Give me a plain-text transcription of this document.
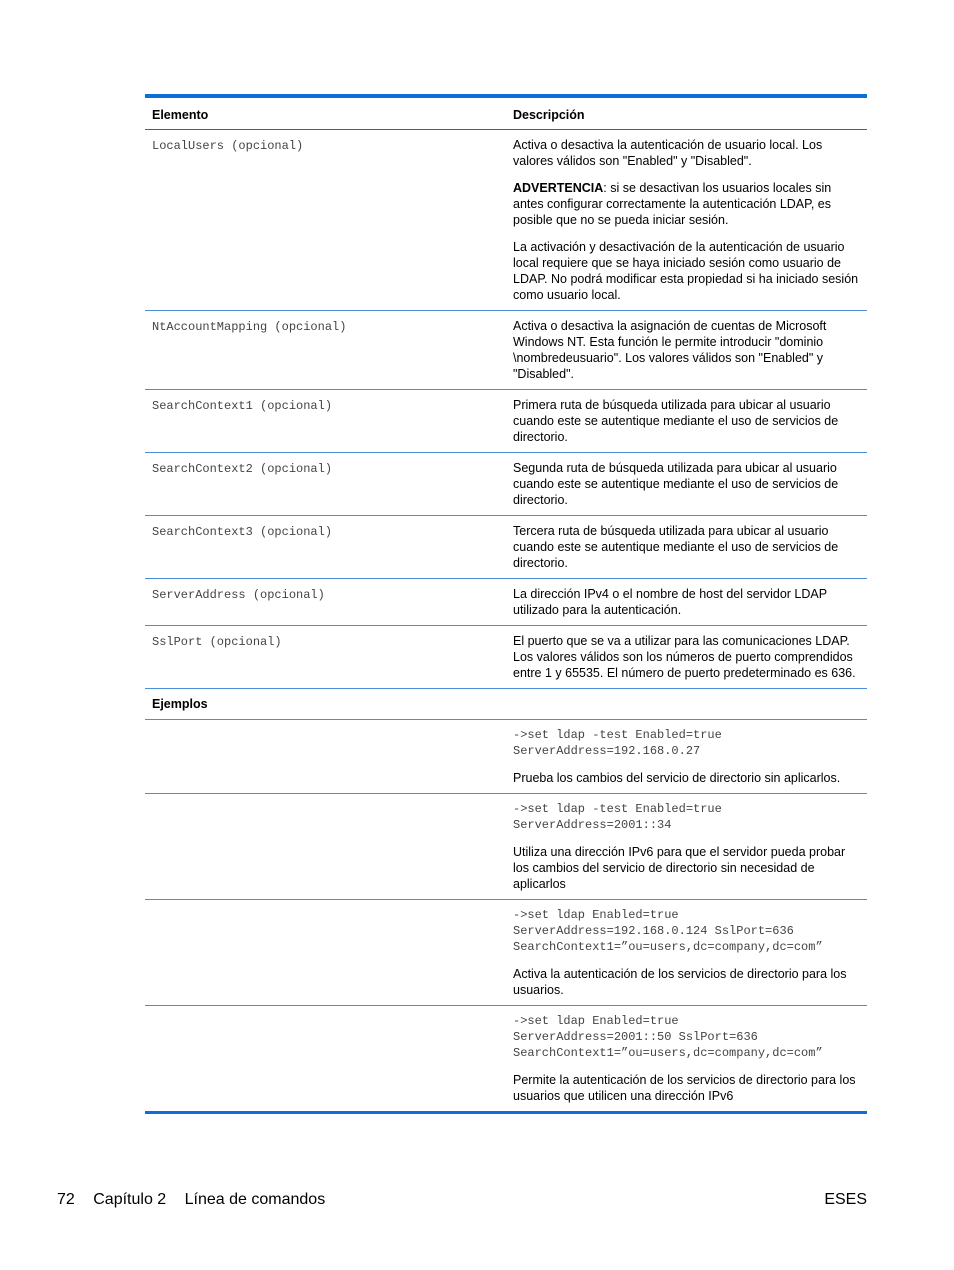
Elemento	Descripción
LocalUsers (opcional)	Activa o desactiva la autenticación de usuario local. Los valores válidos son "Enabled" y "Disabled".

ADVERTENCIA: si se desactivan los usuarios locales sin antes configurar correctamente la autenticación LDAP, es posible que no se pueda iniciar sesión.

La activación y desactivación de la autenticación de usuario local requiere que se haya iniciado sesión como usuario de LDAP. No podrá modificar esta propiedad si ha iniciado sesión como usuario local.

NtAccountMapping (opcional)	Activa o desactiva la asignación de cuentas de Microsoft Windows NT. Esta función le permite introducir "dominio \nombredeusuario". Los valores válidos son "Enabled" y "Disabled".

SearchContext1 (opcional)	Primera ruta de búsqueda utilizada para ubicar al usuario cuando este se autentique mediante el uso de servicios de directorio.

SearchContext2 (opcional)	Segunda ruta de búsqueda utilizada para ubicar al usuario cuando este se autentique mediante el uso de servicios de directorio.

SearchContext3 (opcional)	Tercera ruta de búsqueda utilizada para ubicar al usuario cuando este se autentique mediante el uso de servicios de directorio.

ServerAddress (opcional)	La dirección IPv4 o el nombre de host del servidor LDAP utilizado para la autenticación.

SslPort (opcional)	El puerto que se va a utilizar para las comunicaciones LDAP. Los valores válidos son los números de puerto comprendidos entre 1 y 65535. El número de puerto predeterminado es 636.

Ejemplos	

	->set ldap -test Enabled=true
ServerAddress=192.168.0.27

Prueba los cambios del servicio de directorio sin aplicarlos.

	->set ldap -test Enabled=true
ServerAddress=2001::34

Utiliza una dirección IPv6 para que el servidor pueda probar los cambios del servicio de directorio sin necesidad de aplicarlos

	->set ldap Enabled=true
ServerAddress=192.168.0.124 SslPort=636
SearchContext1=”ou=users,dc=company,dc=com”

Activa la autenticación de los servicios de directorio para los usuarios.

	->set ldap Enabled=true
ServerAddress=2001::50 SslPort=636
SearchContext1=”ou=users,dc=company,dc=com”

Permite la autenticación de los servicios de directorio para los usuarios que utilicen una dirección IPv6

72 Capítulo 2 Línea de comandos	ESES
